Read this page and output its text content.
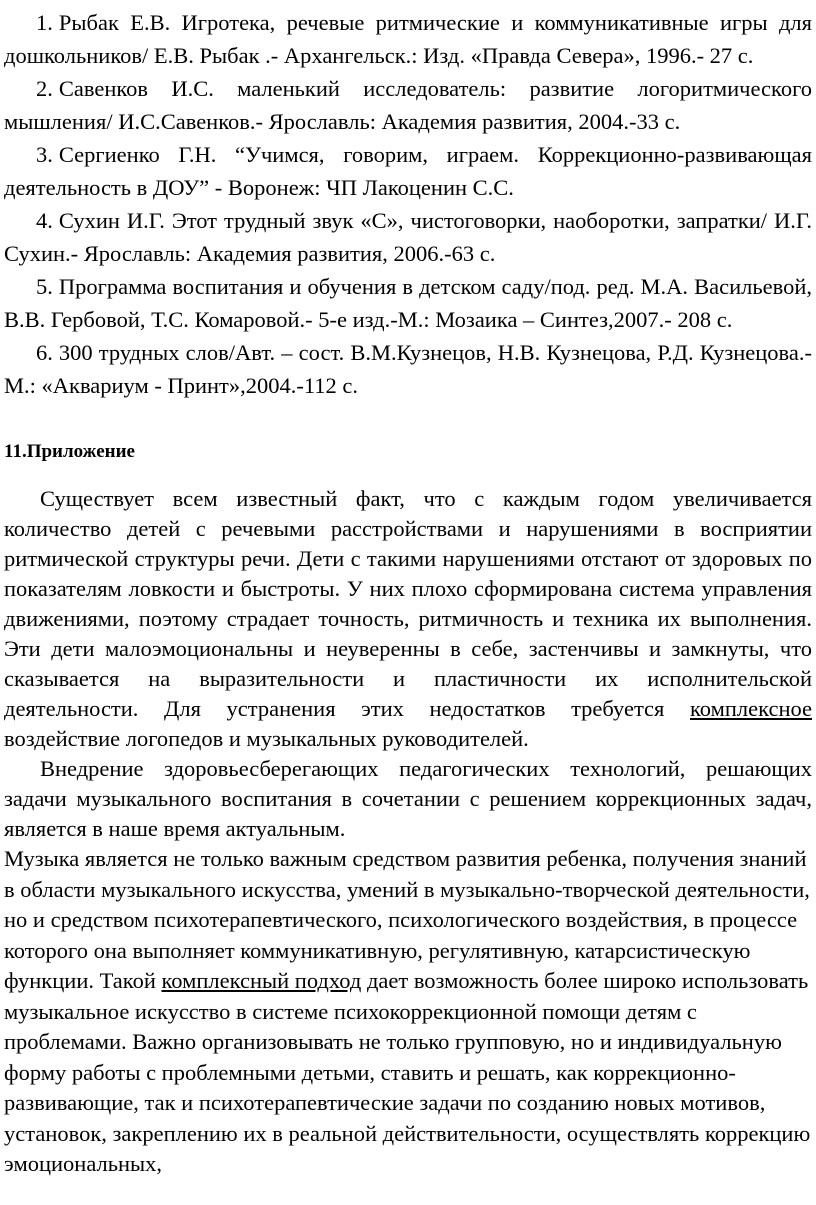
1. Рыбак Е.В. Игротека, речевые ритмические и коммуникативные игры для дошкольников/ Е.В. Рыбак .- Архангельск.: Изд. «Правда Севера», 1996.- 27 с.
2. Савенков И.С. маленький исследователь: развитие логоритмического мышления/ И.С.Савенков.- Ярославль: Академия развития, 2004.-33 с.
3. Сергиенко Г.Н. “Учимся, говорим, играем. Коррекционно-развивающая деятельность в ДОУ” - Воронеж: ЧП Лакоценин С.С.
4. Сухин И.Г. Этот трудный звук «С», чистоговорки, наоборотки, запратки/ И.Г. Сухин.- Ярославль: Академия развития, 2006.-63 с.
5. Программа воспитания и обучения в детском саду/под. ред. М.А. Васильевой, В.В. Гербовой, Т.С. Комаровой.- 5-е изд.-М.: Мозаика – Синтез,2007.- 208 с.
6. 300 трудных слов/Авт. – сост. В.М.Кузнецов, Н.В. Кузнецова, Р.Д. Кузнецова.- М.: «Аквариум - Принт»,2004.-112 с.
11.Приложение

Существует всем известный факт, что с каждым годом увеличивается количество детей с речевыми расстройствами и нарушениями в восприятии ритмической структуры речи. Дети с такими нарушениями отстают от здоровых по показателям ловкости и быстроты. У них плохо сформирована система управления движениями, поэтому страдает точность, ритмичность и техника их выполнения. Эти дети малоэмоциональны и неуверенны в себе, застенчивы и замкнуты, что сказывается на выразительности и пластичности их исполнительской деятельности. Для устранения этих недостатков требуется комплексное воздействие логопедов и музыкальных руководителей.

Внедрение здоровьесберегающих педагогических технологий, решающих задачи музыкального воспитания в сочетании с решением коррекционных задач, является в наше время актуальным.

Музыка является не только важным средством развития ребенка, получения знаний в области музыкального искусства, умений в музыкально-творческой деятельности, но и средством психотерапевтического, психологического воздействия, в процессе которого она выполняет коммуникативную, регулятивную, катарсистическую функции. Такой комплексный подход дает возможность более широко использовать музыкальное искусство в системе психокоррекционной помощи детям с проблемами. Важно организовывать не только групповую, но и индивидуальную форму работы с проблемными детьми, ставить и решать, как коррекционно-развивающие, так и психотерапевтические задачи по созданию новых мотивов, установок, закреплению их в реальной действительности, осуществлять коррекцию эмоциональных,
